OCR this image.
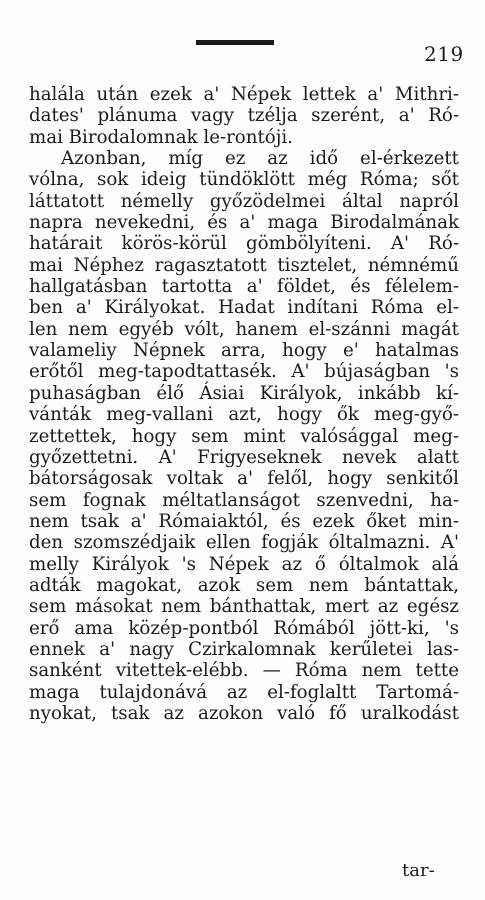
219
halála után ezek a' Népek lettek a' Mithri-
dates' plánuma vagy tzélja szerént, a' Ró-
mai Birodalomnak le-rontóji.
Azonban, míg ez az idő el-érkezett
vólna, sok ideig tündöklött még Róma; sőt
láttatott némelly győzödelmei által napról
napra nevekedni, és a' maga Birodalmának
határait körös-körül gömbölyíteni. A' Ró-
mai Néphez ragasztatott tisztelet, némnémű
hallgatásban tartotta a' földet, és félelem-
ben a' Királyokat. Hadat indítani Róma el-
len nem egyéb vólt, hanem el-szánni magát
valameliy Népnek arra, hogy e' hatalmas
erőtől meg-tapodtattasék. A' bújaságban 's
puhaságban élő Ásiai Királyok, inkább kí-
vánták meg-vallani azt, hogy ők meg-győ-
zettettek, hogy sem mint valósággal meg-
győzettetni. A' Frigyeseknek nevek alatt
bátorságosak voltak a' felől, hogy senkitől
sem fognak méltatlanságot szenvedni, ha-
nem tsak a' Rómaiaktól, és ezek őket min-
den szomszédjaik ellen fogják óltalmazni. A'
melly Királyok 's Népek az ő óltalmok alá
adták magokat, azok sem nem bántattak,
sem másokat nem bánthattak, mert az egész
erő ama közép-pontból Rómából jött-ki, 's
ennek a' nagy Czirkalomnak kerűletei las-
sanként vitettek-elébb. — Róma nem tette
maga tulajdonává az el-foglaltt Tartomá-
nyokat, tsak az azokon való fő uralkodást
tar-
